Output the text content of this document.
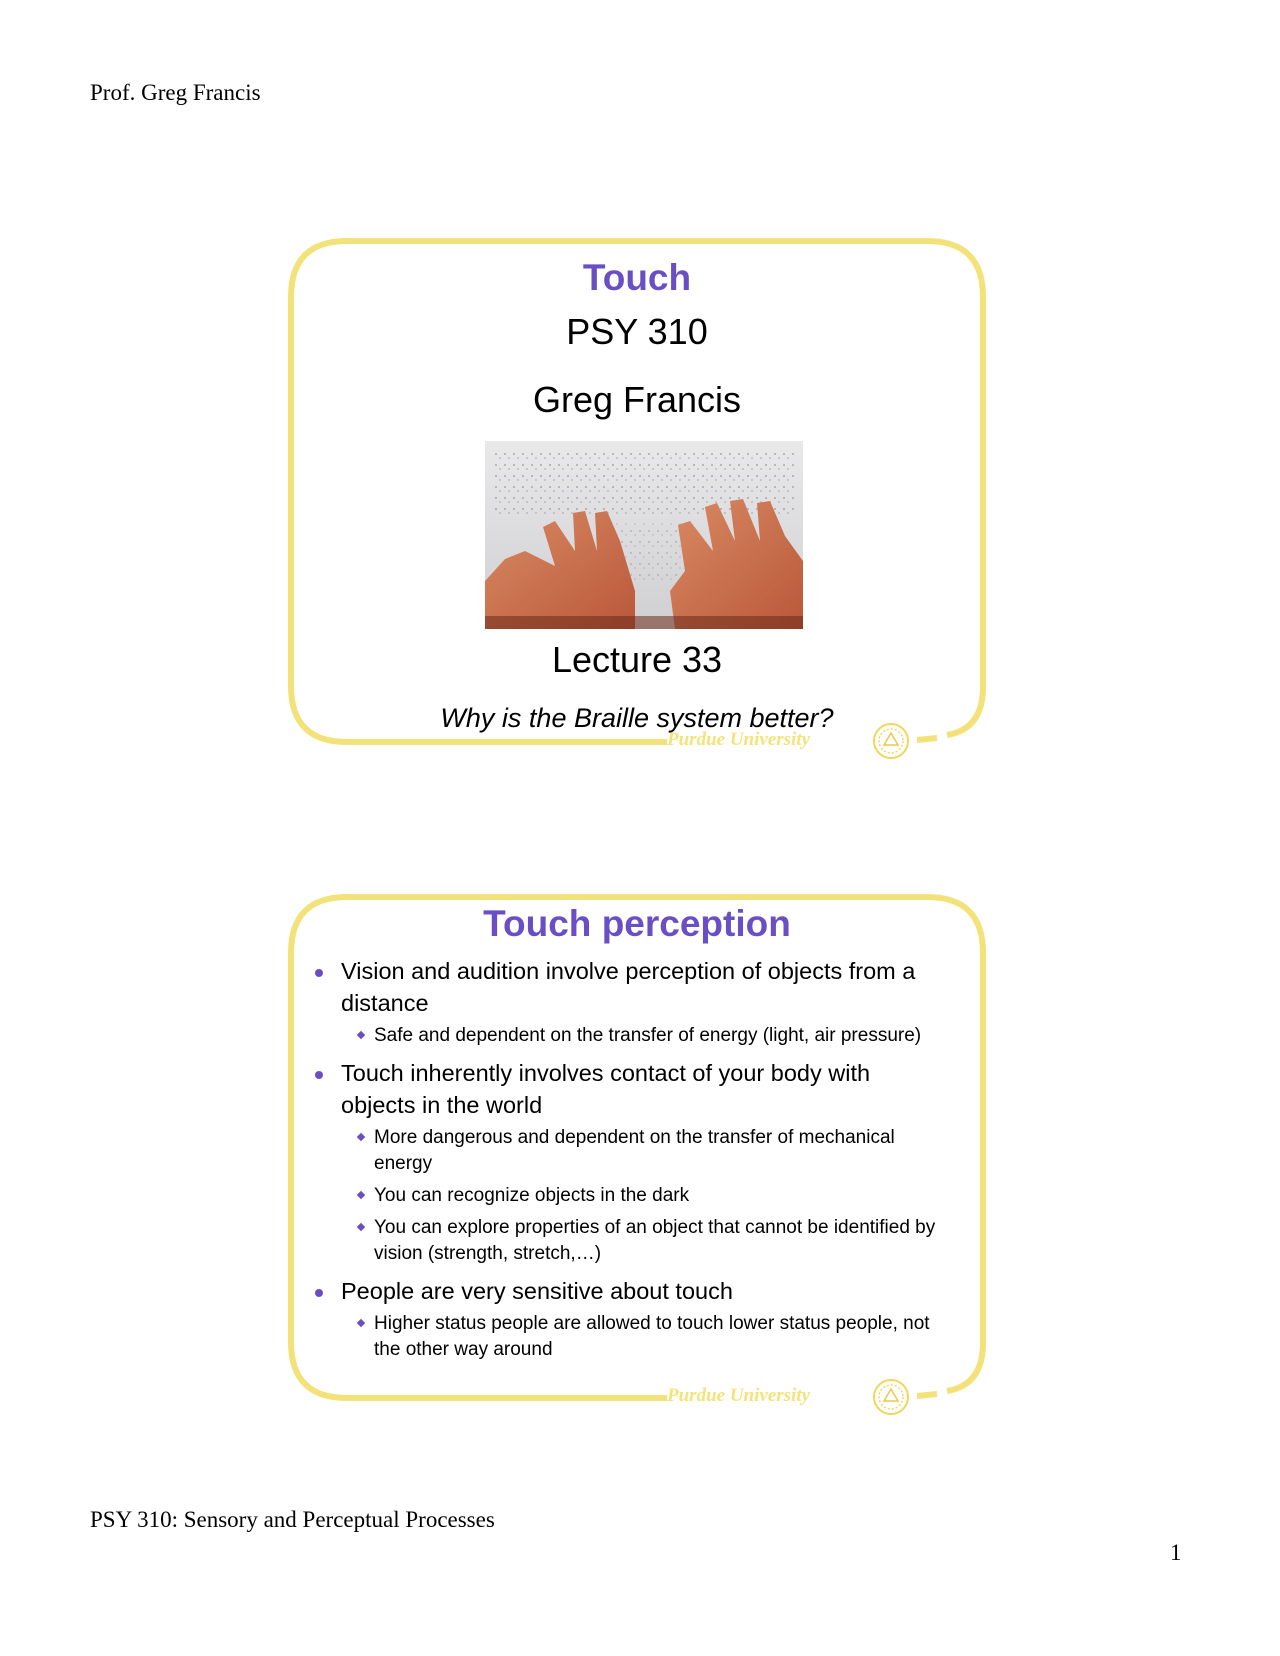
Prof. Greg Francis

Touch

PSY 310

Greg Francis

Lecture 33

Why is the Braille system better?

Purdue University

Touch perception

Vision and audition involve perception of objects from a distance
Safe and dependent on the transfer of energy (light, air pressure)
Touch inherently involves contact of your body with objects in the world
More dangerous and dependent on the transfer of mechanical energy
You can recognize objects in the dark
You can explore properties of an object that cannot be identified by vision (strength, stretch,…)
People are very sensitive about touch
Higher status people are allowed to touch lower status people, not the other way around
Purdue University
PSY 310: Sensory and Perceptual Processes
1
